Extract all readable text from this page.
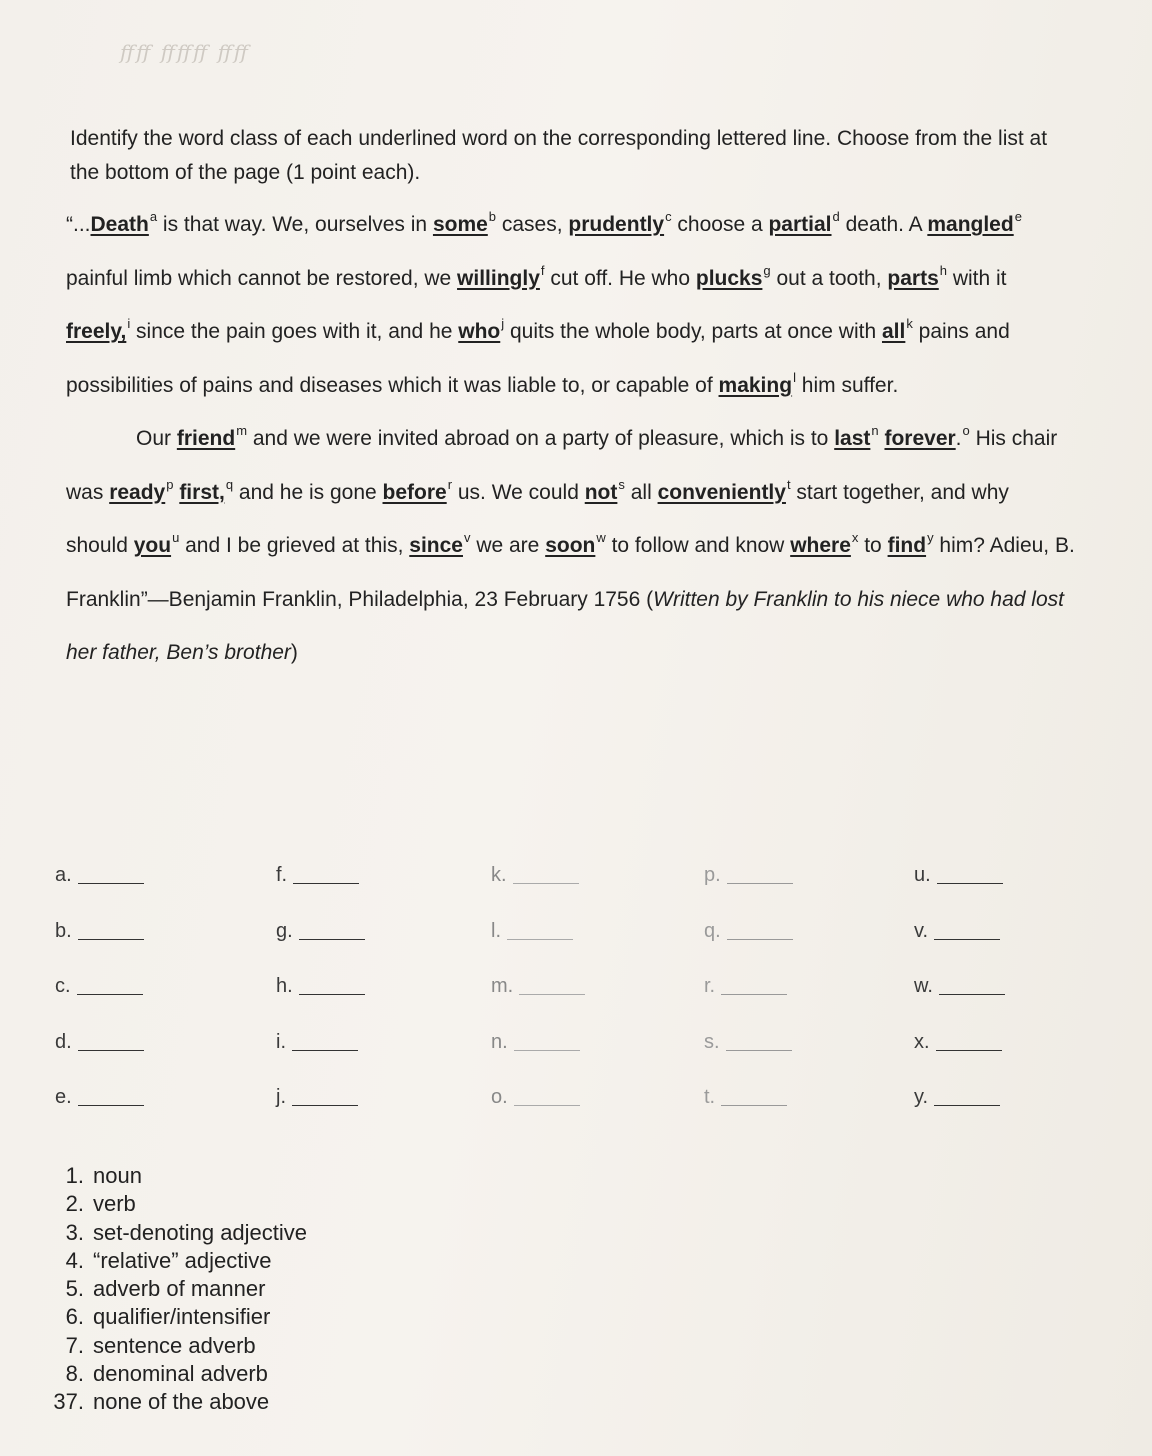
ﬀﬀ ﬀﬀﬀ ﬀﬀ
Identify the word class of each underlined word on the corresponding lettered line. Choose from the list at the bottom of the page (1 point each).

“...Death$^a$ is that way. We, ourselves in some$^b$ cases, prudently$^c$ choose a partial$^d$ death. A mangled$^e$ painful limb which cannot be restored, we willingly$^f$ cut off. He who plucks$^g$ out a tooth, parts$^h$ with it freely,$^i$ since the pain goes with it, and he who$^j$ quits the whole body, parts at once with all$^k$ pains and possibilities of pains and diseases which it was liable to, or capable of making$^l$ him suffer.

Our friend$^m$ and we were invited abroad on a party of pleasure, which is to last$^n$ forever.$^o$ His chair was ready$^p$ first,$^q$ and he is gone before$^r$ us. We could not$^s$ all conveniently$^t$ start together, and why should you$^u$ and I be grieved at this, since$^v$ we are soon$^w$ to follow and know where$^x$ to find$^y$ him? Adieu, B. Franklin”—Benjamin Franklin, Philadelphia, 23 February 1756 (Written by Franklin to his niece who had lost her father, Ben’s brother)

a.	f.	k.	p.	u.
b.	g.	l.	q.	v.
c.	h.	m.	r.	w.
d.	i.	n.	s.	x.
e.	j.	o.	t.	y.
1. noun
2. verb
3. set-denoting adjective
4. “relative” adjective
5. adverb of manner
6. qualifier/intensifier
7. sentence adverb
8. denominal adverb
37. none of the above
